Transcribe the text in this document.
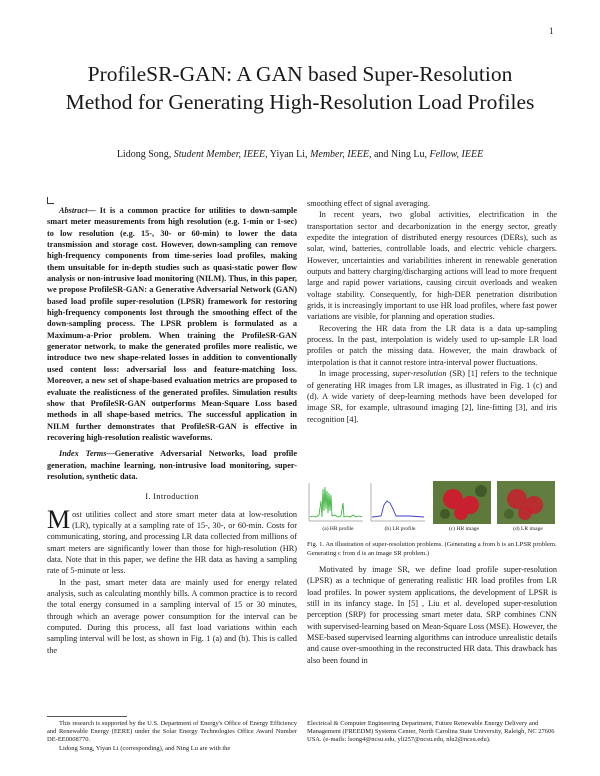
1
ProfileSR-GAN: A GAN based Super-Resolution Method for Generating High-Resolution Load Profiles
Lidong Song, Student Member, IEEE, Yiyan Li, Member, IEEE, and Ning Lu, Fellow, IEEE

Abstract— It is a common practice for utilities to down-sample smart meter measurements from high resolution (e.g. 1-min or 1-sec) to low resolution (e.g. 15-, 30- or 60-min) to lower the data transmission and storage cost. However, down-sampling can remove high-frequency components from time-series load profiles, making them unsuitable for in-depth studies such as quasi-static power flow analysis or non-intrusive load monitoring (NILM). Thus, in this paper, we propose ProfileSR-GAN: a Generative Adversarial Network (GAN) based load profile super-resolution (LPSR) framework for restoring high-frequency components lost through the smoothing effect of the down-sampling process. The LPSR problem is formulated as a Maximum-a-Prior problem. When training the ProfileSR-GAN generator network, to make the generated profiles more realistic, we introduce two new shape-related losses in addition to conventionally used content loss: adversarial loss and feature-matching loss. Moreover, a new set of shape-based evaluation metrics are proposed to evaluate the realisticness of the generated profiles. Simulation results show that ProfileSR-GAN outperforms Mean-Square Loss based methods in all shape-based metrics. The successful application in NILM further demonstrates that ProfileSR-GAN is effective in recovering high-resolution realistic waveforms.

Index Terms—Generative Adversarial Networks, load profile generation, machine learning, non-intrusive load monitoring, super-resolution, synthetic data.

I. Introduction

Most utilities collect and store smart meter data at low-resolution (LR), typically at a sampling rate of 15-, 30-, or 60-min. Costs for communicating, storing, and processing LR data collected from millions of smart meters are significantly lower than those for high-resolution (HR) data. Note that in this paper, we define the HR data as having a sampling rate of 5-minute or less.

In the past, smart meter data are mainly used for energy related analysis, such as calculating monthly bills. A common practice is to record the total energy consumed in a sampling interval of 15 or 30 minutes, through which an average power consumption for the interval can be computed. During this process, all fast load variations within each sampling interval will be lost, as shown in Fig. 1 (a) and (b). This is called the

smoothing effect of signal averaging.

In recent years, two global activities, electrification in the transportation sector and decarbonization in the energy sector, greatly expedite the integration of distributed energy resources (DERs), such as solar, wind, batteries, controllable loads, and electric vehicle chargers. However, uncertainties and variabilities inherent in renewable generation outputs and battery charging/discharging actions will lead to more frequent large and rapid power variations, causing circuit overloads and weaken voltage stability. Consequently, for high-DER penetration distribution grids, it is increasingly important to use HR load profiles, where fast power variations are visible, for planning and operation studies.

Recovering the HR data from the LR data is a data up-sampling process. In the past, interpolation is widely used to up-sample LR load profiles or patch the missing data. However, the main drawback of interpolation is that it cannot restore intra-interval power fluctuations.

In image processing, super-resolution (SR) [1] refers to the technique of generating HR images from LR images, as illustrated in Fig. 1 (c) and (d). A wide variety of deep-learning methods have been developed for image SR, for example, ultrasound imaging [2], line-fitting [3], and iris recognition [4].

(a) HR profile	(b) LR profile	(c) HR image	(d) LR image
Fig. 1. An illustration of super-resolution problems. (Generating a from b is an LPSR problem. Generating c from d is an image SR problem.)

Motivated by image SR, we define load profile super-resolution (LPSR) as a technique of generating realistic HR load profiles from LR load profiles. In power system applications, the development of LPSR is still in its infancy stage. In [5] , Liu et al. developed super-resolution perception (SRP) for processing smart meter data. SRP combines CNN with supervised-learning based on Mean-Square Loss (MSE). However, the MSE-based supervised learning algorithms can introduce unrealistic details and cause over-smoothing in the reconstructed HR data. This drawback has also been found in

This research is supported by the U.S. Department of Energy's Office of Energy Efficiency and Renewable Energy (EERE) under the Solar Energy Technologies Office Award Number DE-EE0008770.

Lidong Song, Yiyan Li (corresponding), and Ning Lu are with the

Electrical & Computer Engineering Department, Future Renewable Energy Delivery and Management (FREEDM) Systems Center, North Carolina State University, Raleigh, NC 27606 USA. (e-mails: lsong4@ncsu.edu, yli257@ncsu.edu, nlu2@ncsu.edu).
